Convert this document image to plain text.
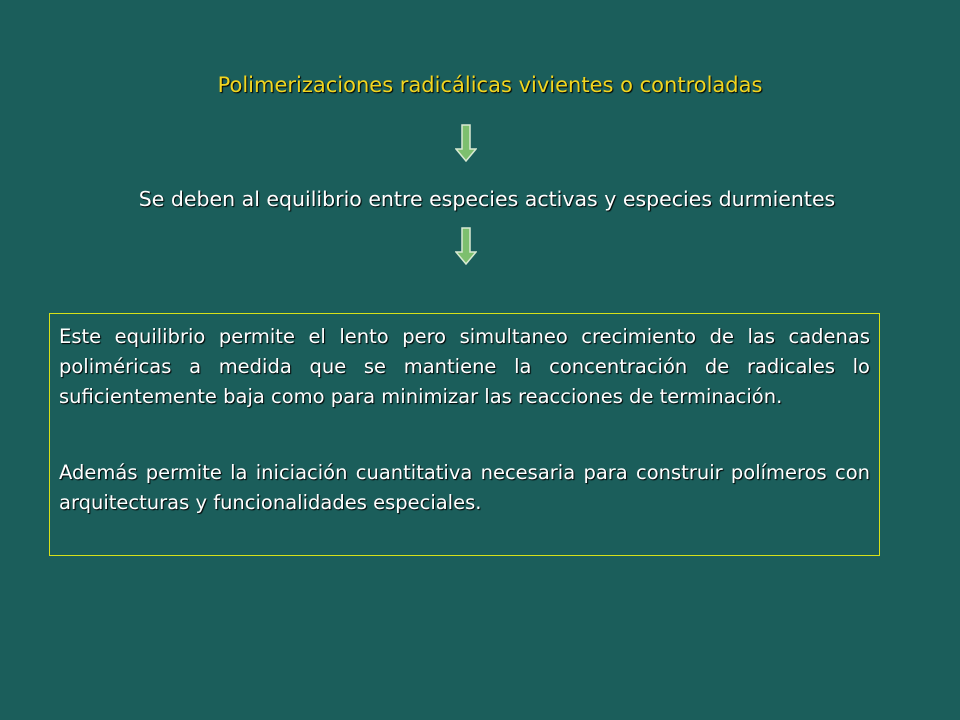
Polimerizaciones radicálicas vivientes o controladas
Se deben al equilibrio entre especies activas y especies durmientes

Este equilibrio permite el lento pero simultaneo crecimiento de las cadenas poliméricas a medida que se mantiene la concentración de radicales lo suficientemente baja como para minimizar las reacciones de terminación.

Además permite la iniciación cuantitativa necesaria para construir polímeros con arquitecturas y funcionalidades especiales.
